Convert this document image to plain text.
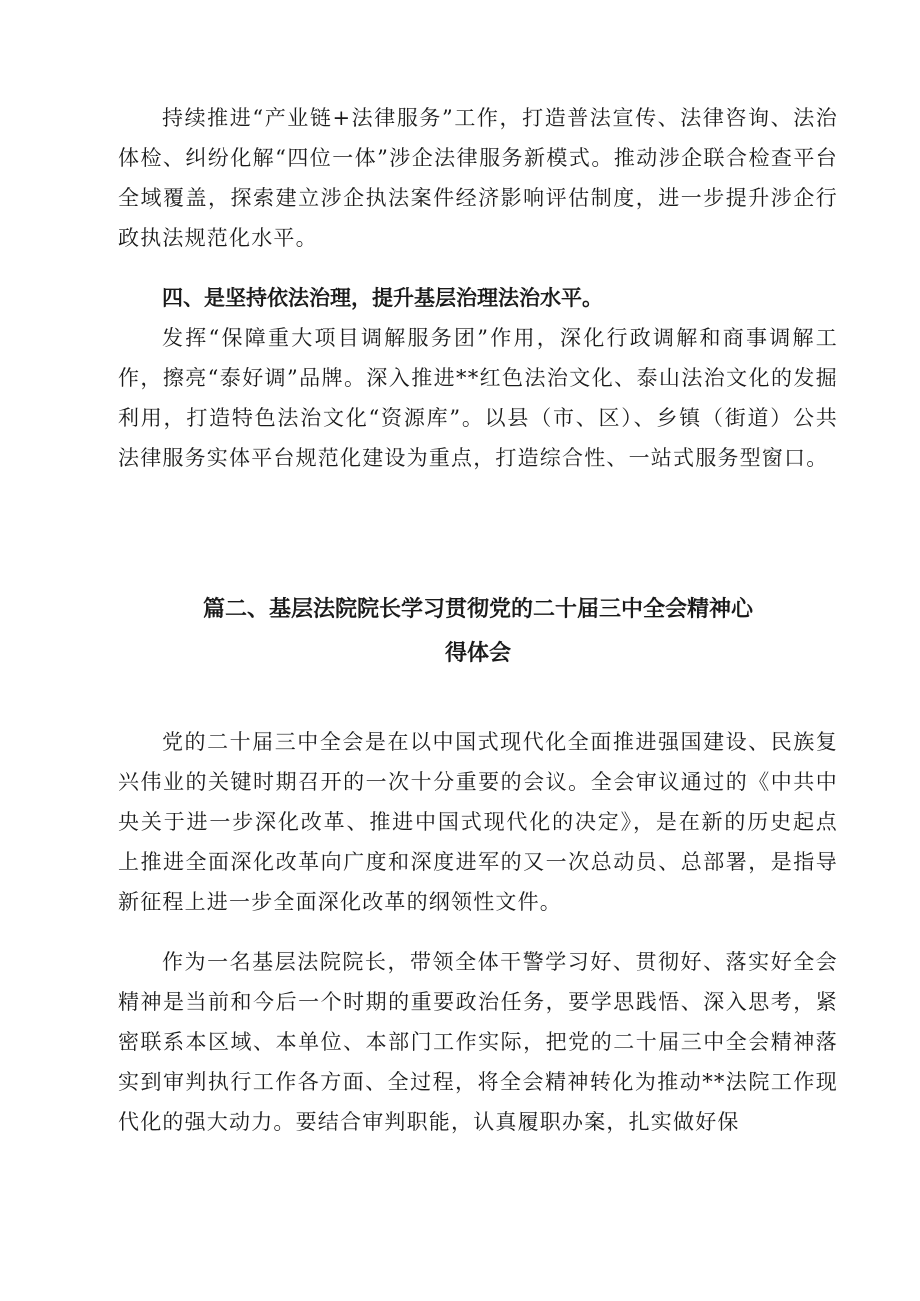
持续推进“产业链+法律服务”工作，打造普法宣传、法律咨询、法治体检、纠纷化解“四位一体”涉企法律服务新模式。推动涉企联合检查平台全域覆盖，探索建立涉企执法案件经济影响评估制度，进一步提升涉企行政执法规范化水平。

四、是坚持依法治理，提升基层治理法治水平。

发挥“保障重大项目调解服务团”作用，深化行政调解和商事调解工作，擦亮“泰好调”品牌。深入推进**红色法治文化、泰山法治文化的发掘利用，打造特色法治文化“资源库”。以县（市、区）、乡镇（街道）公共法律服务实体平台规范化建设为重点，打造综合性、一站式服务型窗口。

篇二、基层法院院长学习贯彻党的二十届三中全会精神心
得体会

党的二十届三中全会是在以中国式现代化全面推进强国建设、民族复兴伟业的关键时期召开的一次十分重要的会议。全会审议通过的《中共中央关于进一步深化改革、推进中国式现代化的决定》，是在新的历史起点上推进全面深化改革向广度和深度进军的又一次总动员、总部署，是指导新征程上进一步全面深化改革的纲领性文件。

作为一名基层法院院长，带领全体干警学习好、贯彻好、落实好全会精神是当前和今后一个时期的重要政治任务，要学思践悟、深入思考，紧密联系本区域、本单位、本部门工作实际，把党的二十届三中全会精神落实到审判执行工作各方面、全过程，将全会精神转化为推动**法院工作现代化的强大动力。要结合审判职能，认真履职办案，扎实做好保
